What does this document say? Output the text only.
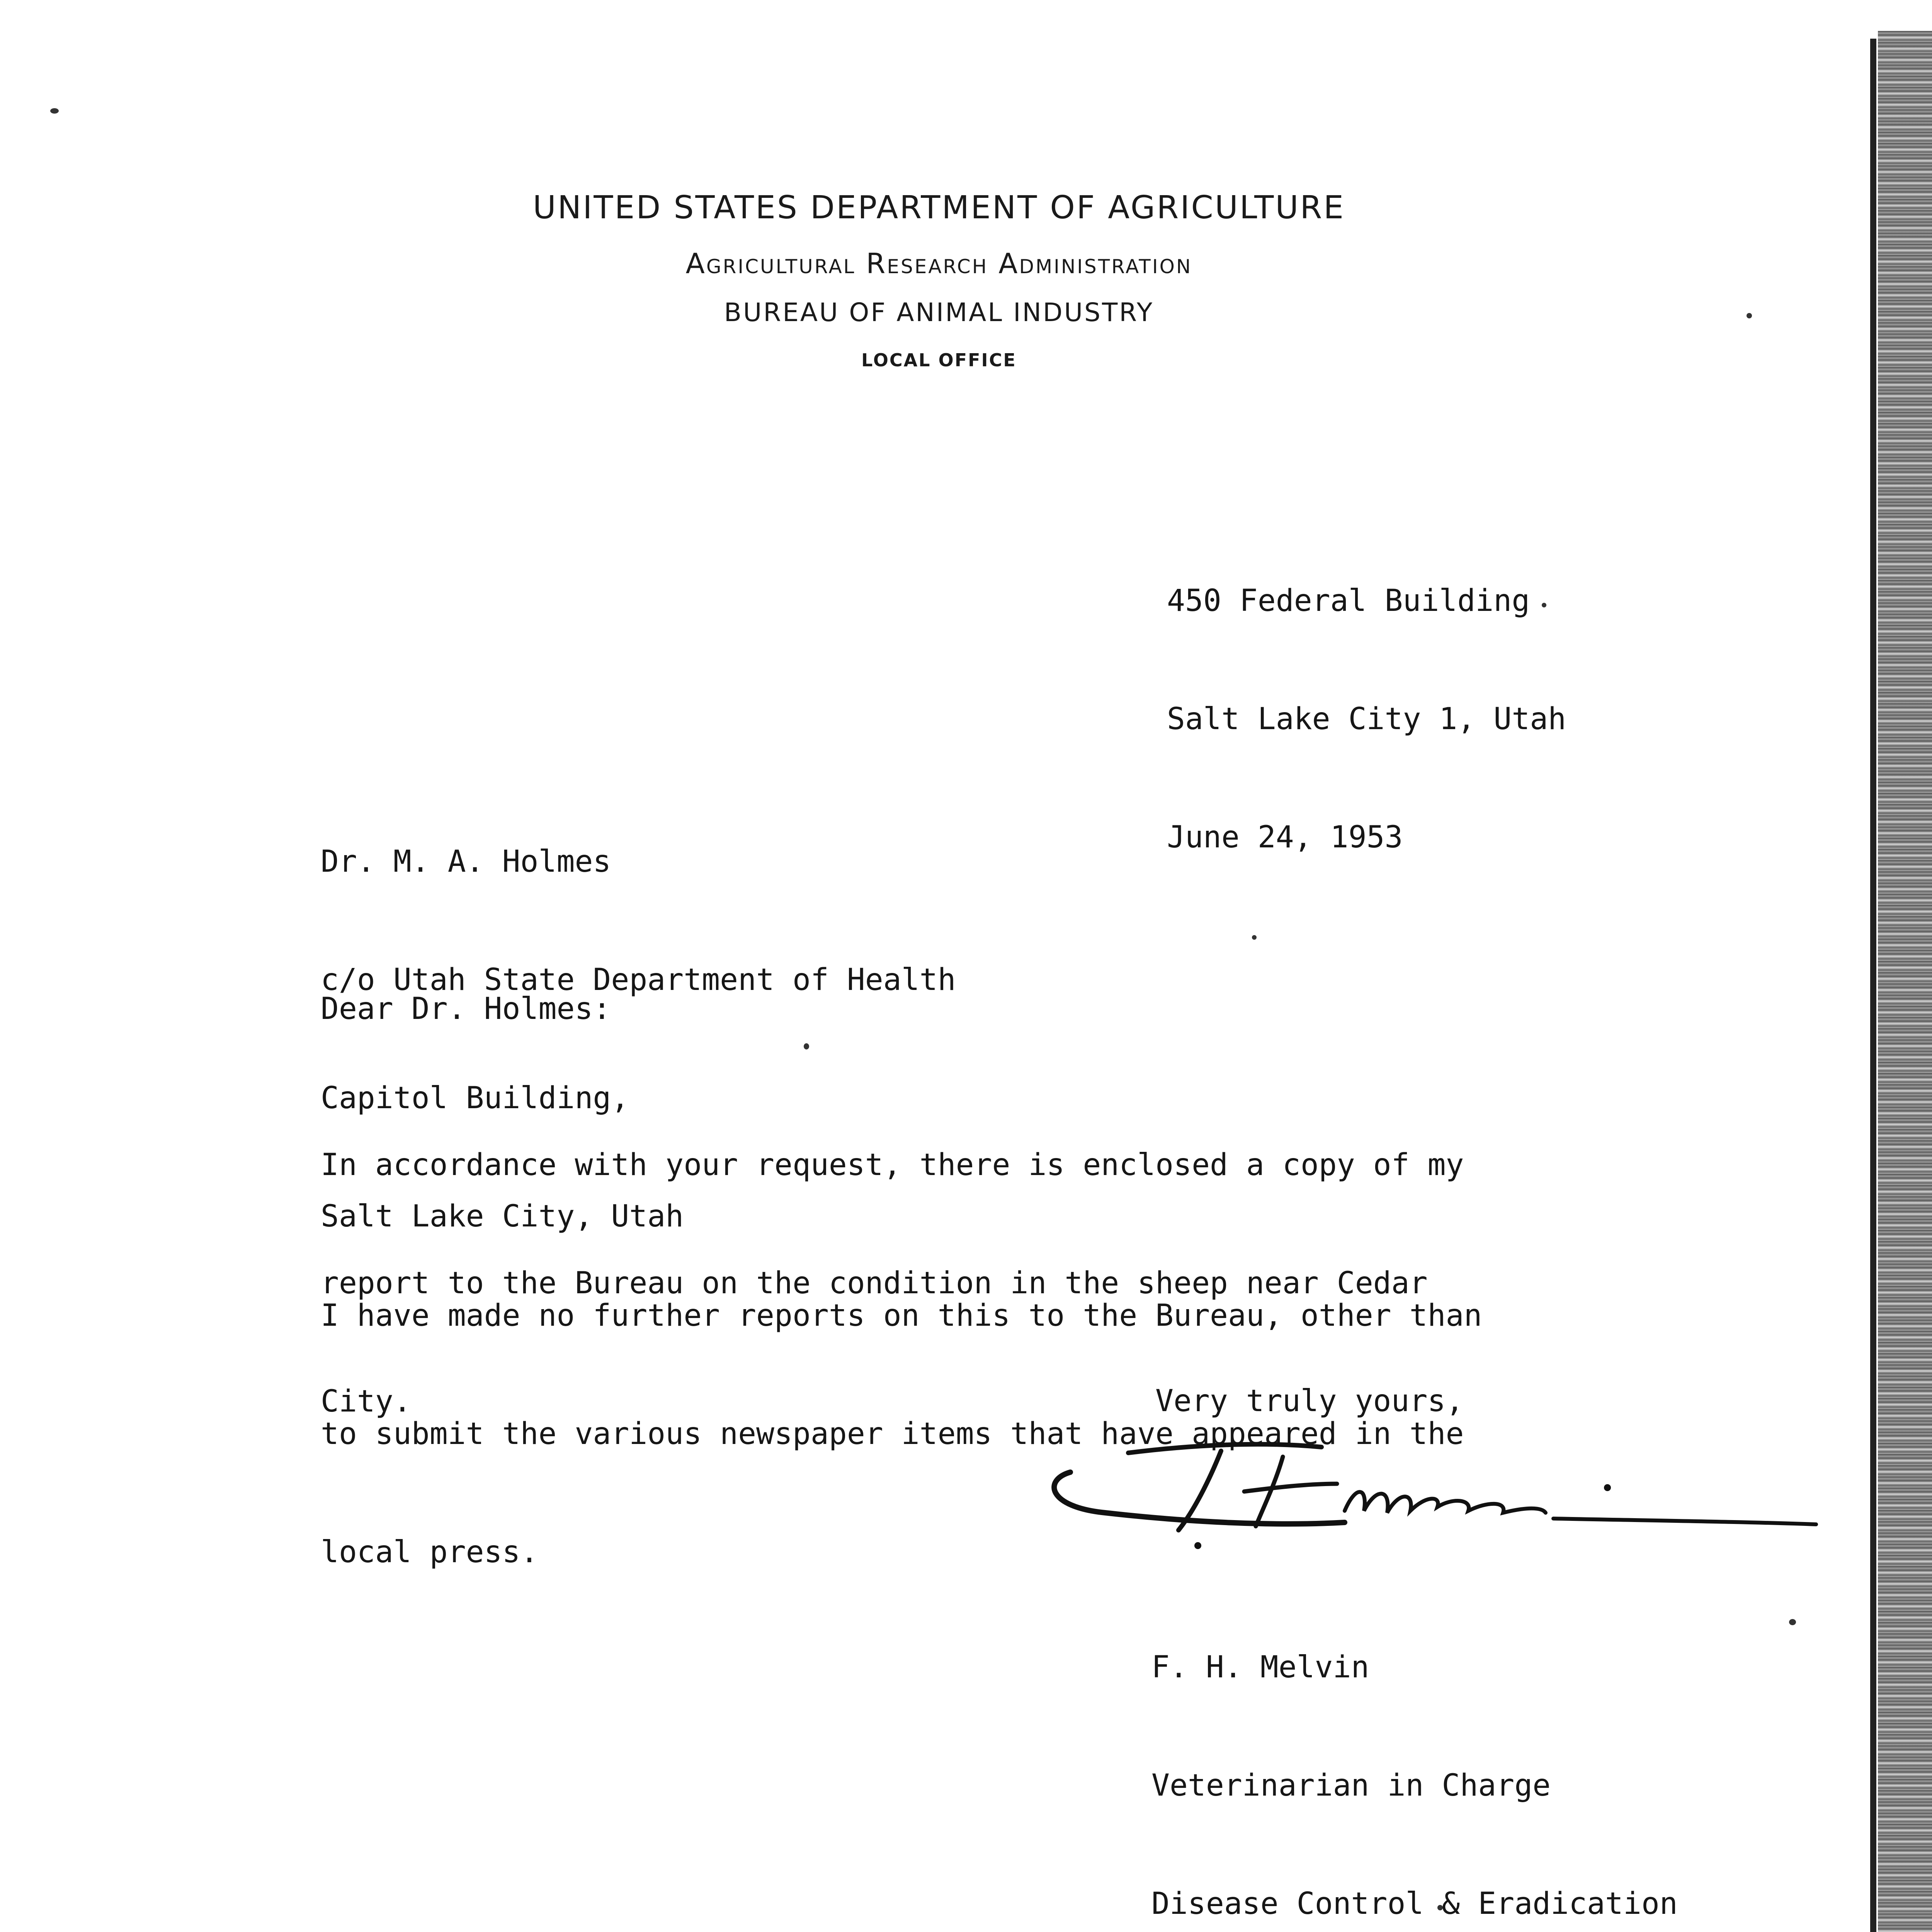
UNITED STATES DEPARTMENT OF AGRICULTURE
Agricultural Research Administration
BUREAU OF ANIMAL INDUSTRY
LOCAL OFFICE

450 Federal Building

Salt Lake City 1, Utah

June 24, 1953

Dr. M. A. Holmes

c/o Utah State Department of Health

Capitol Building,

Salt Lake City, Utah

Dear Dr. Holmes:

In accordance with your request, there is enclosed a copy of my

report to the Bureau on the condition in the sheep near Cedar

City.

I have made no further reports on this to the Bureau, other than

to submit the various newspaper items that have appeared in the

local press.

Very truly yours,

F. H. Melvin

Veterinarian in Charge

Disease Control & Eradication
